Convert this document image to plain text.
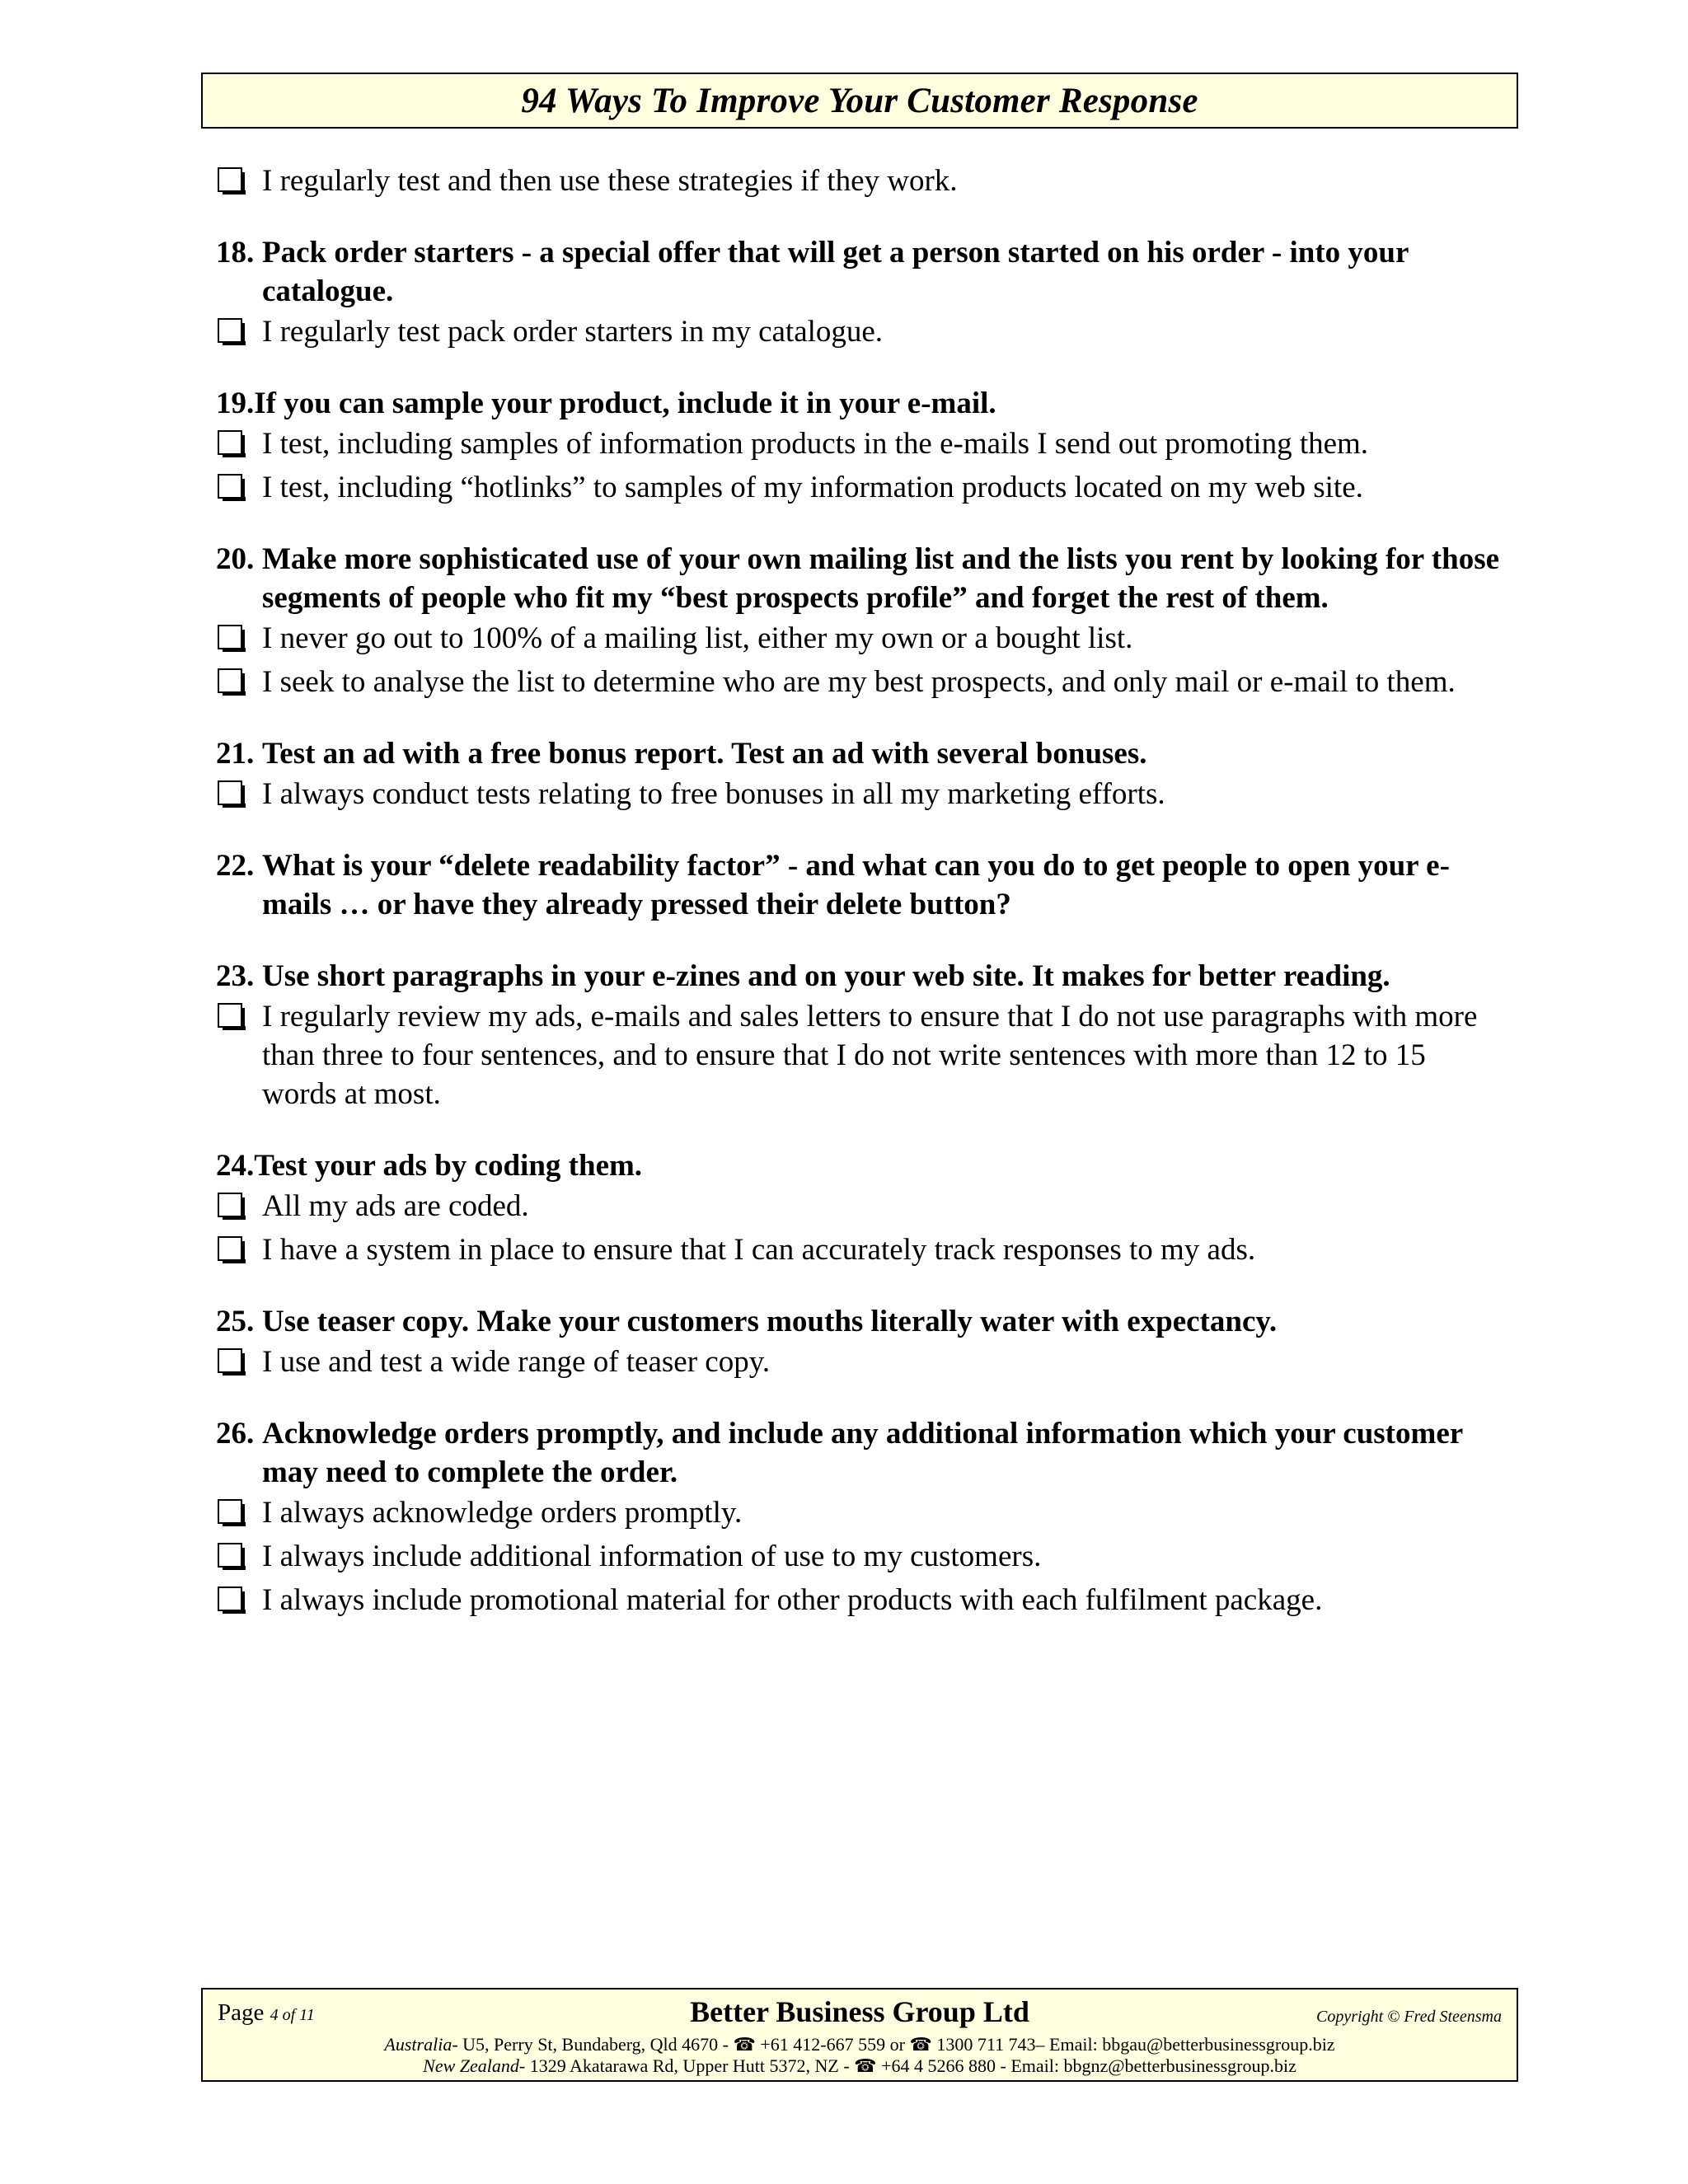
94 Ways To Improve Your Customer Response
I regularly test and then use these strategies if they work.
18. Pack order starters - a special offer that will get a person started on his order - into your catalogue.
I regularly test pack order starters in my catalogue.
19.If you can sample your product, include it in your e-mail.
I test, including samples of information products in the e-mails I send out promoting them.
I test, including “hotlinks” to samples of my information products located on my web site.
20. Make more sophisticated use of your own mailing list and the lists you rent by looking for those segments of people who fit my “best prospects profile” and forget the rest of them.
I never go out to 100% of a mailing list, either my own or a bought list.
I seek to analyse the list to determine who are my best prospects, and only mail or e-mail to them.
21. Test an ad with a free bonus report. Test an ad with several bonuses.
I always conduct tests relating to free bonuses in all my marketing efforts.
22. What is your “delete readability factor” - and what can you do to get people to open your e-mails … or have they already pressed their delete button?
23. Use short paragraphs in your e-zines and on your web site. It makes for better reading.
I regularly review my ads, e-mails and sales letters to ensure that I do not use paragraphs with more than three to four sentences, and to ensure that I do not write sentences with more than 12 to 15 words at most.
24.Test your ads by coding them.
All my ads are coded.
I have a system in place to ensure that I can accurately track responses to my ads.
25. Use teaser copy. Make your customers mouths literally water with expectancy.
I use and test a wide range of teaser copy.
26. Acknowledge orders promptly, and include any additional information which your customer may need to complete the order.
I always acknowledge orders promptly.
I always include additional information of use to my customers.
I always include promotional material for other products with each fulfilment package.
Page 4 of 11	Better Business Group Ltd	Copyright © Fred Steensma
Australia- U5, Perry St, Bundaberg, Qld 4670 - ☎ +61 412-667 559 or ☎ 1300 711 743– Email: bbgau@betterbusinessgroup.biz
New Zealand- 1329 Akatarawa Rd, Upper Hutt 5372, NZ - ☎ +64 4 5266 880 - Email: bbgnz@betterbusinessgroup.biz
